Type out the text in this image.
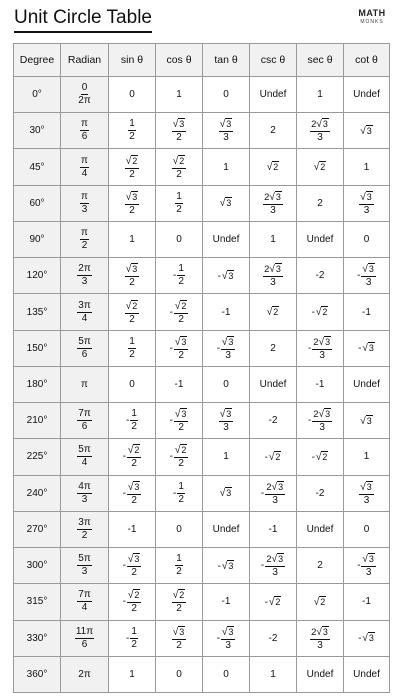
Unit Circle Table	MATH
MONKS
Degree	Radian	sin θ	cos θ	tan θ	csc θ	sec θ	cot θ
0°	$\frac{0}{2\pi}$	0	1	0	Undef	1	Undef
30°	$\frac{\pi}{6}$	$\frac{1}{2}$	$\frac{√3}{2}$	$\frac{√3}{3}$	2	$\frac{2√3}{3}$	√3
45°	$\frac{\pi}{4}$	$\frac{√2}{2}$	$\frac{√2}{2}$	1	√2	√2	1
60°	$\frac{\pi}{3}$	$\frac{√3}{2}$	$\frac{1}{2}$	√3	$\frac{2√3}{3}$	2	$\frac{√3}{3}$

90°	$\frac{\pi}{2}$	1	0	Undef	1	Undef	0
120°	$\frac{2\pi}{3}$	$\frac{√3}{2}$	- $\frac{1}{2}$	-√3	$\frac{2√3}{3}$	-2	- $\frac{√3}{3}$

135°	$\frac{3\pi}{4}$	$\frac{√2}{2}$	- $\frac{√2}{2}$	-1	√2	-√2	-1
150°	$\frac{5\pi}{6}$	$\frac{1}{2}$	- $\frac{√3}{2}$	- $\frac{√3}{3}$	2	- $\frac{2√3}{3}$	-√3
180°	π	0	-1	0	Undef	-1	Undef
210°	$\frac{7\pi}{6}$	- $\frac{1}{2}$	- $\frac{√3}{2}$	$\frac{√3}{3}$	-2	- $\frac{2√3}{3}$	√3
225°	$\frac{5\pi}{4}$	- $\frac{√2}{2}$	- $\frac{√2}{2}$	1	-√2	-√2	1
240°	$\frac{4\pi}{3}$	- $\frac{√3}{2}$	- $\frac{1}{2}$	√3	- $\frac{2√3}{3}$	-2	$\frac{√3}{3}$

270°	$\frac{3\pi}{2}$	-1	0	Undef	-1	Undef	0
300°	$\frac{5\pi}{3}$	- $\frac{√3}{2}$	$\frac{1}{2}$	-√3	- $\frac{2√3}{3}$	2	- $\frac{√3}{3}$

315°	$\frac{7\pi}{4}$	- $\frac{√2}{2}$	$\frac{√2}{2}$	-1	-√2	√2	-1
330°	$\frac{11\pi}{6}$	- $\frac{1}{2}$	$\frac{√3}{2}$	- $\frac{√3}{3}$	-2	$\frac{2√3}{3}$	-√3
360°	2π	1	0	0	1	Undef	Undef
